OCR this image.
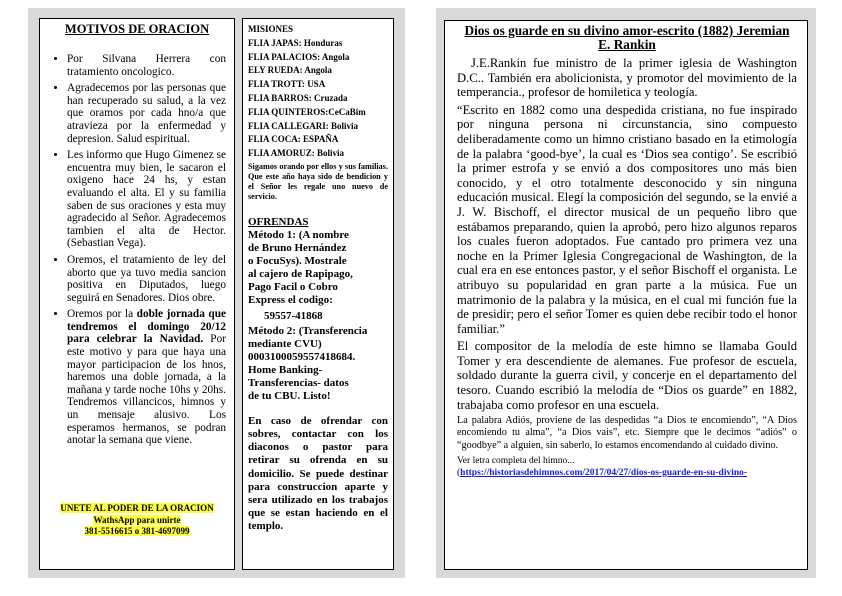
MOTIVOS DE ORACION
• Por Silvana Herrera con tratamiento oncologico.
• Agradecemos por las personas que han recuperado su salud, a la vez que oramos por cada hno/a que atravieza por la enfermedad y depresion. Salud espiritual.
• Les informo que Hugo Gimenez se encuentra muy bien, le sacaron el oxigeno hace 24 hs, y estan evaluando el alta. El y su familia saben de sus oraciones y esta muy agradecido al Señor. Agradecemos tambien el alta de Hector.(Sebastian Vega).
• Oremos, el tratamiento de ley del aborto que ya tuvo media sancion positiva en Diputados, luego seguirá en Senadores. Dios obre.
• Oremos por la doble jornada que tendremos el domingo 20/12 para celebrar la Navidad. Por este motivo y para que haya una mayor participacion de los hnos, haremos una doble jornada, a la mañana y tarde noche 10hs y 20hs. Tendremos villancicos, himnos y un mensaje alusivo. Los esperamos hermanos, se podran anotar la semana que viene.
UNETE AL PODER DE LA ORACION
WathsApp para unirte
381-5516615 o 381-4697099
MISIONES
FLIA JAPAS: Honduras
FLIA PALACIOS: Angola
ELY RUEDA: Angola
FLIA TROTT: USA
FLIA BARROS: Cruzada
FLIA QUINTEROS:CeCaBim
FLIA CALLEGARI: Bolivia
FLIA COCA: ESPAÑA
FLIA AMORUZ: Bolivia
Sigamos orando por ellos y sus familias. Que este año haya sido de bendicion y el Señor les regale uno nuevo de servicio.
OFRENDAS
Método 1: (A nombre
de Bruno Hernández
o FocuSys). Mostrale
al cajero de Rapipago,
Pago Facil o Cobro
Express el codigo:
59557-41868
Método 2: (Transferencia
mediante CVU)
0003100059557418684.
Home Banking-
Transferencias- datos
de tu CBU. Listo!
En caso de ofrendar con sobres, contactar con los diaconos o pastor para retirar su ofrenda en su domicilio. Se puede destinar para construccion aparte y sera utilizado en los trabajos que se estan haciendo en el templo.
Dios os guarde en su divino amor-escrito (1882) Jeremian E. Rankin

J.E.Rankin fue ministro de la primer iglesia de Washington D.C.. También era abolicionista, y promotor del movimiento de la temperancia., profesor de homiletica y teología.

“Escrito en 1882 como una despedida cristiana, no fue inspirado por ninguna persona ni circunstancia, sino compuesto deliberadamente como un himno cristiano basado en la etimología de la palabra ‘good-bye’, la cual es ‘Dios sea contigo’. Se escribió la primer estrofa y se envió a dos compositores uno más bien conocido, y el otro totalmente desconocido y sin ninguna educación musical. Elegí la composición del segundo, se la envié a J. W. Bischoff, el director musical de un pequeño libro que estábamos preparando, quien la aprobó, pero hizo algunos reparos los cuales fueron adoptados. Fue cantado pro primera vez una noche en la Primer Iglesia Congregacional de Washington, de la cual era en ese entonces pastor, y el señor Bischoff el organista. Le atribuyo su popularidad en gran parte a la música. Fue un matrimonio de la palabra y la música, en el cual mi función fue la de presidir; pero el señor Tomer es quien debe recibir todo el honor familiar.”

El compositor de la melodía de este himno se llamaba Gould Tomer y era descendiente de alemanes. Fue profesor de escuela, soldado durante la guerra civil, y concerje en el departamento del tesoro. Cuando escribió la melodía de “Dios os guarde” en 1882, trabajaba como profesor en una escuela.

La palabra Adiós, proviene de las despedidas “a Dios te encomiendo”, “A Dios encomiendo tu alma”, “a Dios vais”, etc. Siempre que le decimos “adiós” o “goodbye” a alguien, sin saberlo, lo estamos encomendando al cuidado divino.

Ver letra completa del himno...

(https://historiasdehimnos.com/2017/04/27/dios-os-guarde-en-su-divino-
